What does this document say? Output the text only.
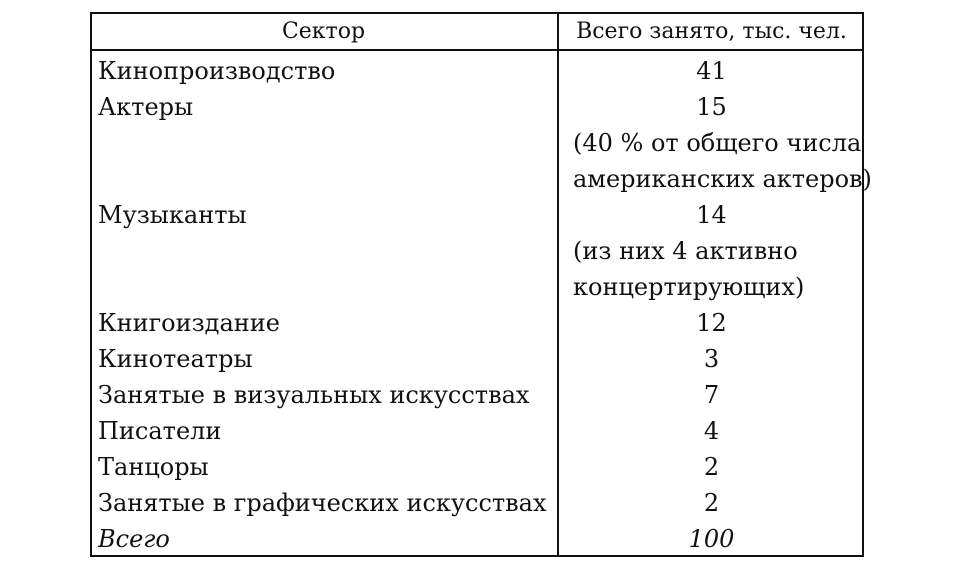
Сектор	Всего занято, тыс. чел.
Кинопроизводство	41
Актеры	15
(40 % от общего числа
американских актеров)
Музыканты	14
(из них 4 активно
концертирующих)
Книгоиздание	12
Кинотеатры	3
Занятые в визуальных искусствах	7
Писатели	4
Танцоры	2
Занятые в графических искусствах	2
Всего	100
